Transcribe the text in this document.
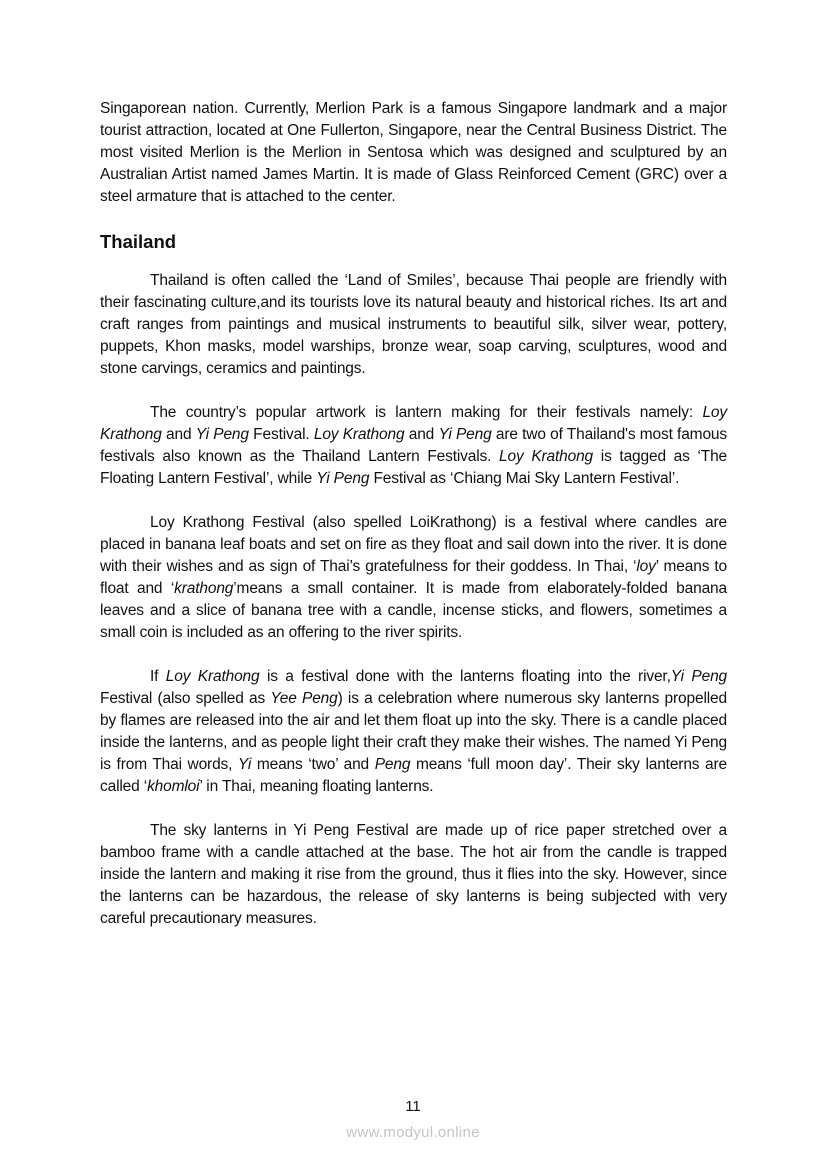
Singaporean nation. Currently, Merlion Park is a famous Singapore landmark and a major tourist attraction, located at One Fullerton, Singapore, near the Central Business District. The most visited Merlion is the Merlion in Sentosa which was designed and sculptured by an Australian Artist named James Martin. It is made of Glass Reinforced Cement (GRC) over a steel armature that is attached to the center.

Thailand

Thailand is often called the ‘Land of Smiles’, because Thai people are friendly with their fascinating culture,and its tourists love its natural beauty and historical riches. Its art and craft ranges from paintings and musical instruments to beautiful silk, silver wear, pottery, puppets, Khon masks, model warships, bronze wear, soap carving, sculptures, wood and stone carvings, ceramics and paintings.

The country’s popular artwork is lantern making for their festivals namely: Loy Krathong and Yi Peng Festival. Loy Krathong and Yi Peng are two of Thailand's most famous festivals also known as the Thailand Lantern Festivals. Loy Krathong is tagged as ‘The Floating Lantern Festival’, while Yi Peng Festival as ‘Chiang Mai Sky Lantern Festival’.

Loy Krathong Festival (also spelled LoiKrathong) is a festival where candles are placed in banana leaf boats and set on fire as they float and sail down into the river. It is done with their wishes and as sign of Thai’s gratefulness for their goddess. In Thai, ‘loy’ means to float and ‘krathong’means a small container. It is made from elaborately-folded banana leaves and a slice of banana tree with a candle, incense sticks, and flowers, sometimes a small coin is included as an offering to the river spirits.

If Loy Krathong is a festival done with the lanterns floating into the river,Yi Peng Festival (also spelled as Yee Peng) is a celebration where numerous sky lanterns propelled by flames are released into the air and let them float up into the sky. There is a candle placed inside the lanterns, and as people light their craft they make their wishes. The named Yi Peng is from Thai words, Yi means ‘two’ and Peng means ‘full moon day’. Their sky lanterns are called ‘khomloi’ in Thai, meaning floating lanterns.

The sky lanterns in Yi Peng Festival are made up of rice paper stretched over a bamboo frame with a candle attached at the base. The hot air from the candle is trapped inside the lantern and making it rise from the ground, thus it flies into the sky. However, since the lanterns can be hazardous, the release of sky lanterns is being subjected with very careful precautionary measures.

11
www.modyul.online
